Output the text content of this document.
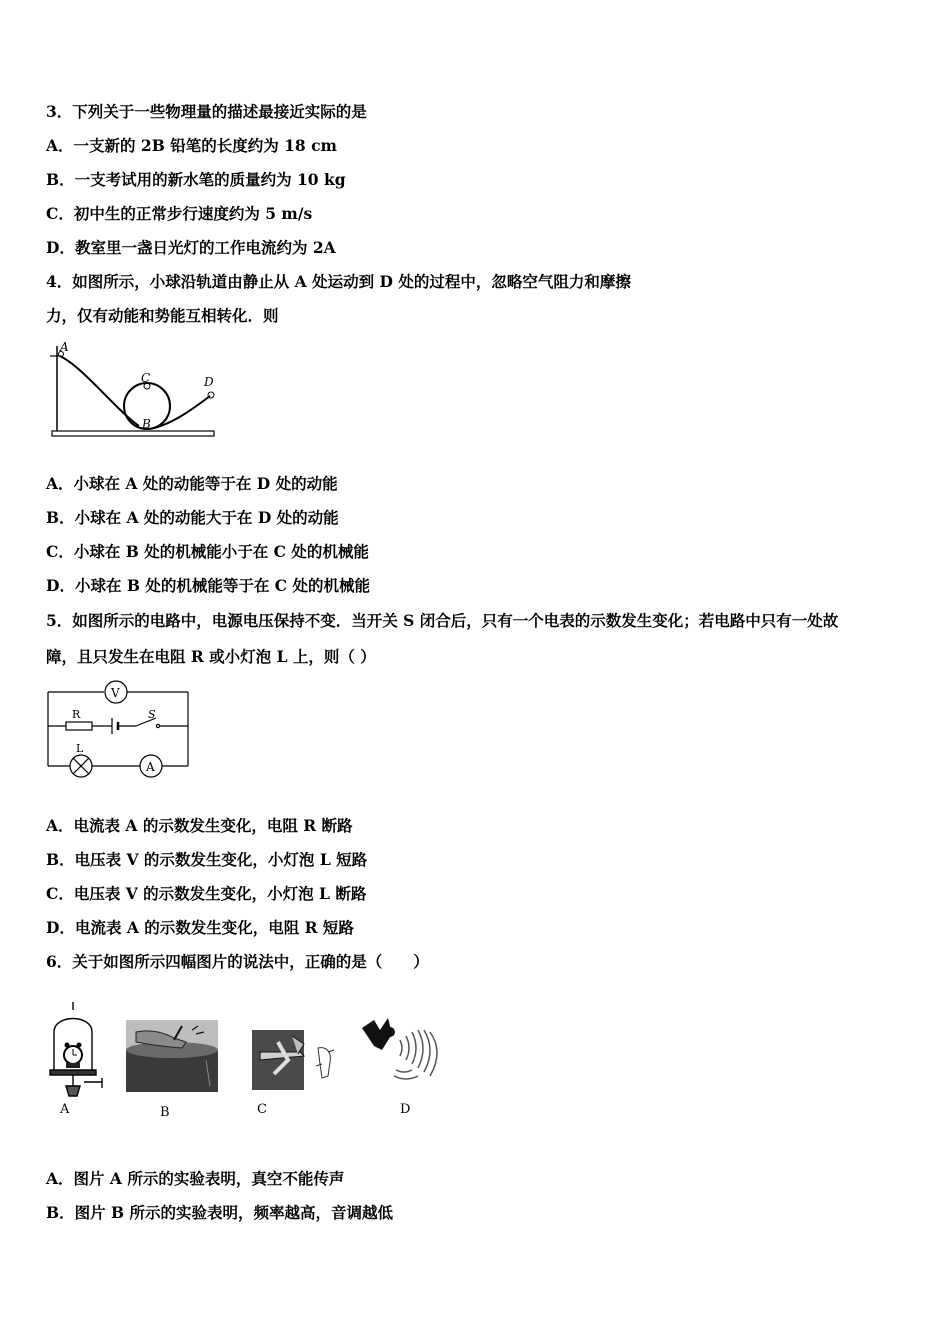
3．下列关于一些物理量的描述最接近实际的是
A．一支新的 2B 铅笔的长度约为 18 cm
B．一支考试用的新水笔的质量约为 10 kg
C．初中生的正常步行速度约为 5 m/s
D．教室里一盏日光灯的工作电流约为 2A
4．如图所示，小球沿轨道由静止从 A 处运动到 D 处的过程中，忽略空气阻力和摩擦
力，仅有动能和势能互相转化．则
A
C	D
B
A．小球在 A 处的动能等于在 D 处的动能
B．小球在 A 处的动能大于在 D 处的动能
C．小球在 B 处的机械能小于在 C 处的机械能
D．小球在 B 处的机械能等于在 C 处的机械能
5．如图所示的电路中，电源电压保持不变．当开关 S 闭合后，只有一个电表的示数发生变化；若电路中只有一处故
障，且只发生在电阻 R 或小灯泡 L 上，则（ ）
V
R	S
L
A
A．电流表 A 的示数发生变化，电阻 R 断路
B．电压表 V 的示数发生变化，小灯泡 L 短路
C．电压表 V 的示数发生变化，小灯泡 L 断路
D．电流表 A 的示数发生变化，电阻 R 短路
6．关于如图所示四幅图片的说法中，正确的是（　　）
A	B	C	D
A．图片 A 所示的实验表明，真空不能传声
B．图片 B 所示的实验表明，频率越高，音调越低
